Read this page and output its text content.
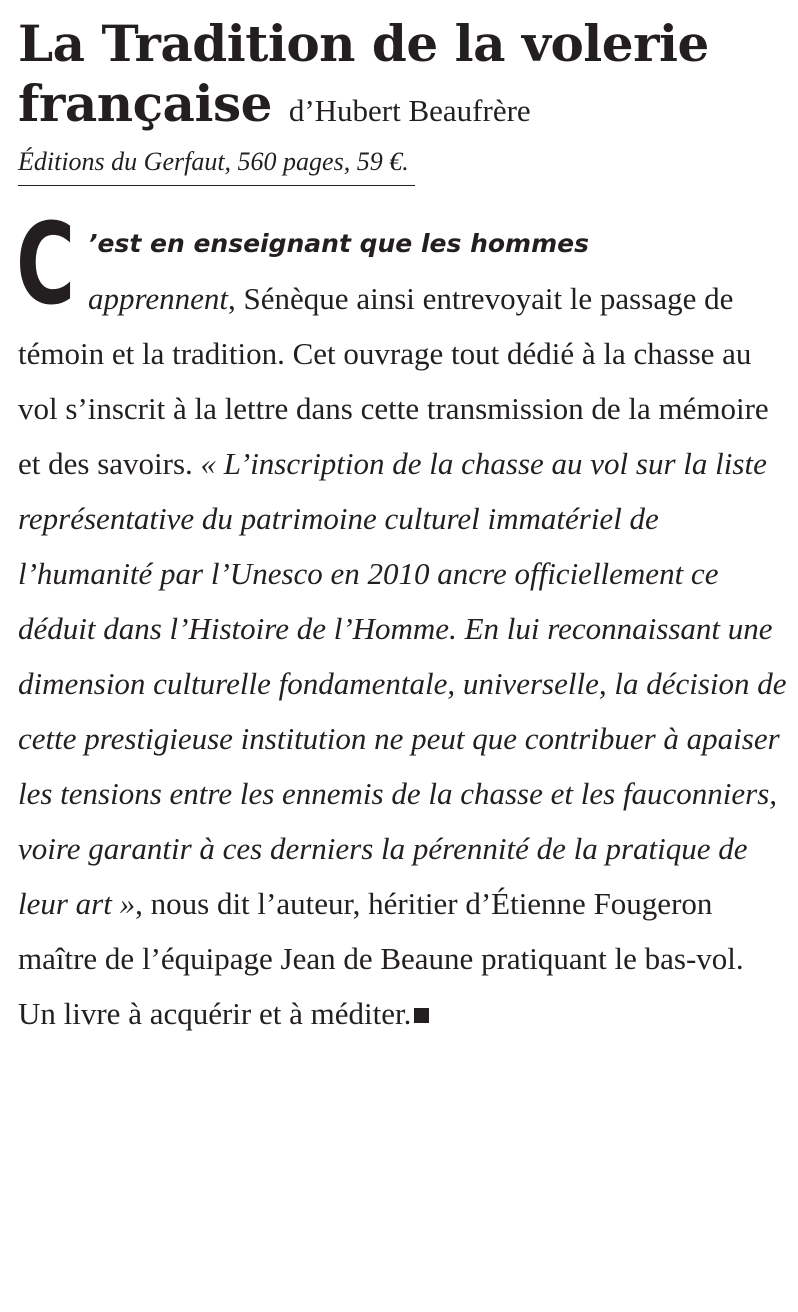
La Tradition de la volerie
française d’Hubert Beaufrère
Éditions du Gerfaut, 560 pages, 59 €.
C ’est en enseignant que les hommes
apprennent, Sénèque ainsi entrevoyait le passage de témoin et la tradition. Cet ouvrage tout dédié à la chasse au vol s’inscrit à la lettre dans cette transmission de la mémoire et des savoirs. « L’inscription de la chasse au vol sur la liste représentative du patrimoine culturel immatériel de l’humanité par l’Unesco en 2010 ancre officiellement ce déduit dans l’Histoire de l’Homme. En lui reconnaissant une dimension culturelle fondamentale, universelle, la décision de cette prestigieuse institution ne peut que contribuer à apaiser les tensions entre les ennemis de la chasse et les fauconniers, voire garantir à ces derniers la pérennité de la pratique de leur art », nous dit l’auteur, héritier d’Étienne Fougeron maître de l’équipage Jean de Beaune pratiquant le bas-vol. Un livre à acquérir et à méditer.
